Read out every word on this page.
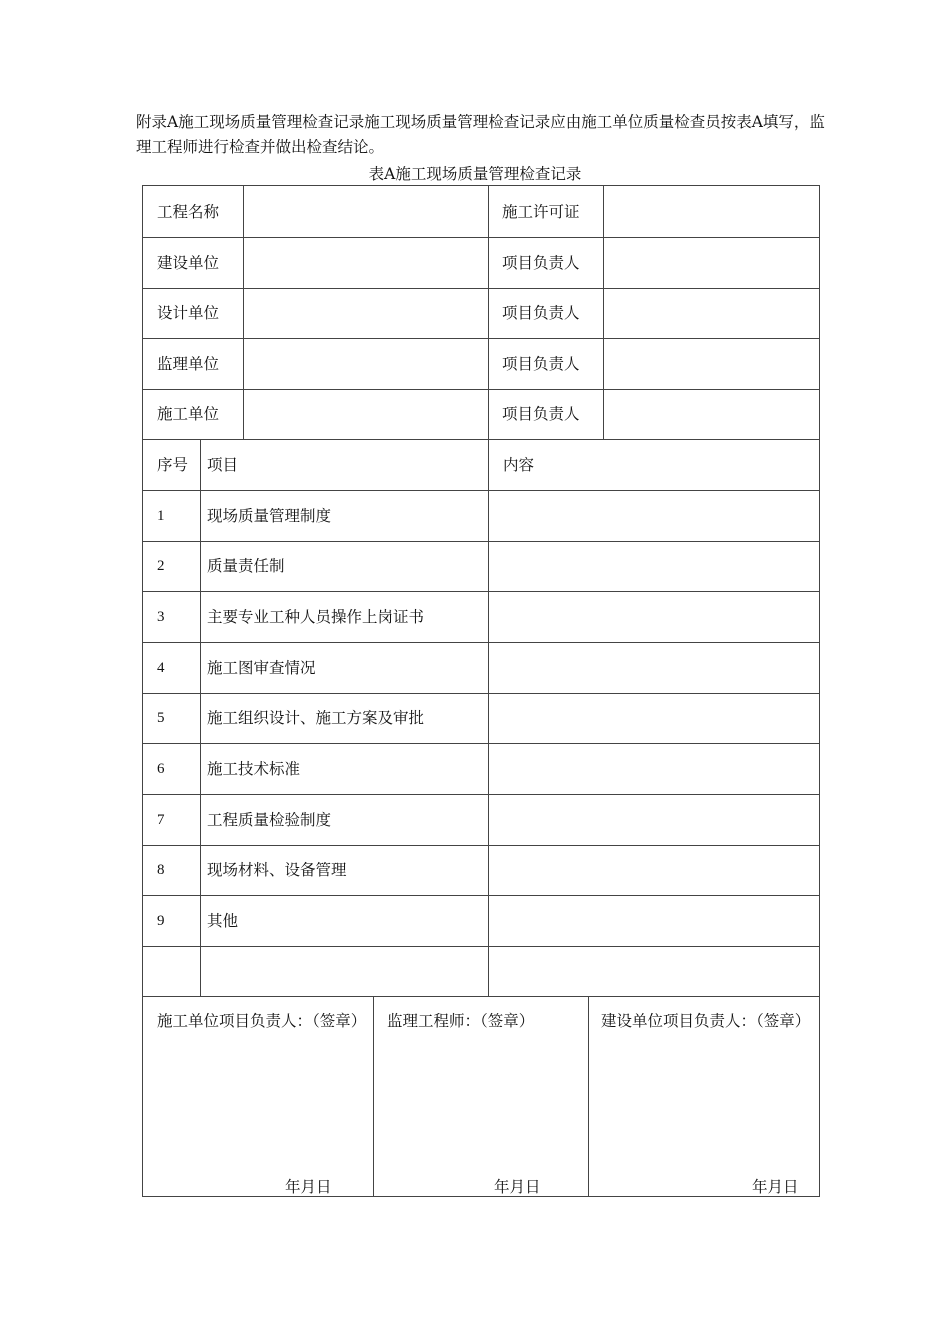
附录A施工现场质量管理检查记录施工现场质量管理检查记录应由施工单位质量检查员按表A填写，监理工程师进行检查并做出检查结论。

表A施工现场质量管理检查记录

工程名称	施工许可证
建设单位	项目负责人
设计单位	项目负责人
监理单位	项目负责人
施工单位	项目负责人
序号 项目	内容
1	现场质量管理制度
2	质量责任制
3	主要专业工种人员操作上岗证书
4	施工图审查情况
5	施工组织设计、施工方案及审批
6	施工技术标准
7	工程质量检验制度
8	现场材料、设备管理
9	其他
施工单位项目负责人：（签章）
年月日
监理工程师：（签章）
年月日
建设单位项目负责人：（签章）
年月日
